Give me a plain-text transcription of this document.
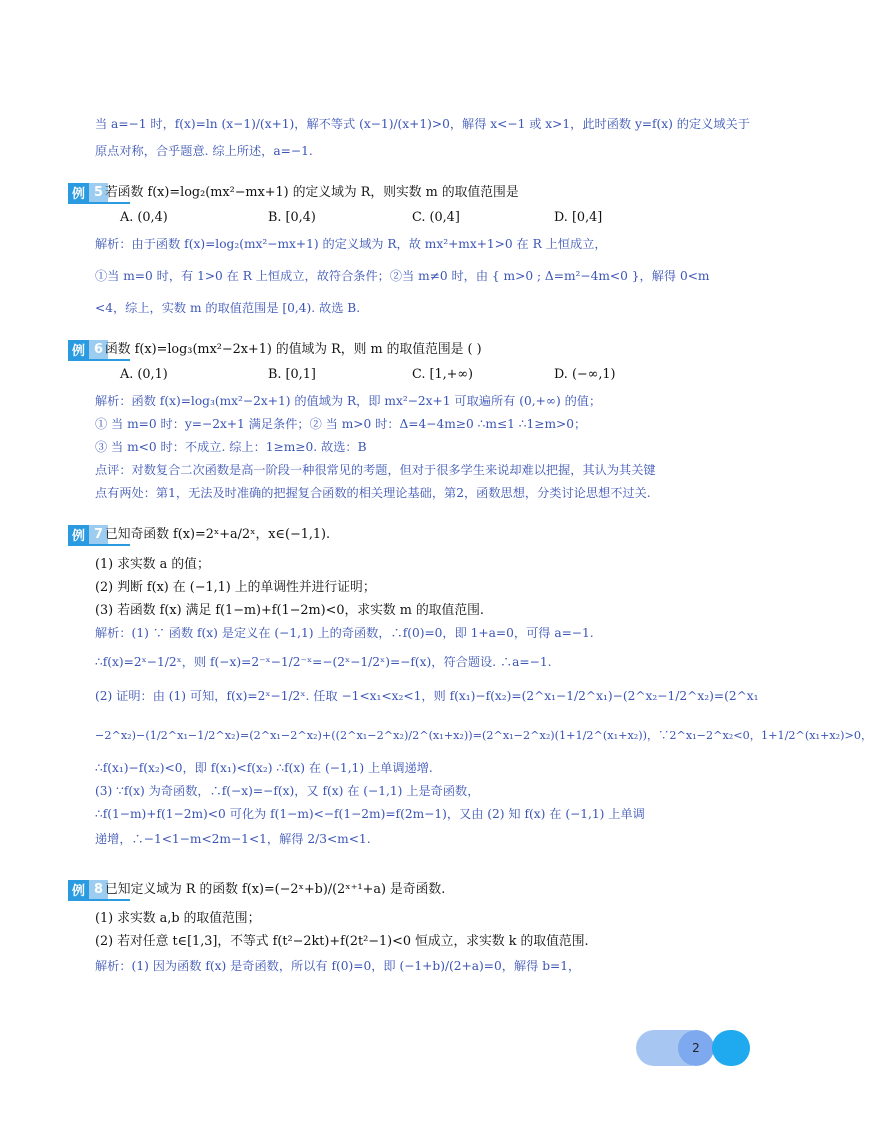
当 a=−1 时，f(x)=ln (x−1)/(x+1)，解不等式 (x−1)/(x+1)>0，解得 x<−1 或 x>1，此时函数 y=f(x) 的定义域关于
原点对称，合乎题意. 综上所述，a=−1.
例 5 若函数 f(x)=log₂(mx²−mx+1) 的定义域为 R，则实数 m 的取值范围是
A. (0,4)	B. [0,4)	C. (0,4]	D. [0,4]
解析：由于函数 f(x)=log₂(mx²−mx+1) 的定义域为 R，故 mx²+mx+1>0 在 R 上恒成立，
①当 m=0 时，有 1>0 在 R 上恒成立，故符合条件；②当 m≠0 时，由 { m>0 ; Δ=m²−4m<0 }，解得 0<m
<4，综上，实数 m 的取值范围是 [0,4). 故选 B.
例 6 函数 f(x)=log₃(mx²−2x+1) 的值域为 R，则 m 的取值范围是 ( )
A. (0,1)	B. [0,1]	C. [1,+∞)	D. (−∞,1)
解析：函数 f(x)=log₃(mx²−2x+1) 的值域为 R，即 mx²−2x+1 可取遍所有 (0,+∞) 的值；
① 当 m=0 时：y=−2x+1 满足条件；② 当 m>0 时：Δ=4−4m≥0 ∴m≤1 ∴1≥m>0；
③ 当 m<0 时：不成立. 综上：1≥m≥0. 故选：B
点评：对数复合二次函数是高一阶段一种很常见的考题，但对于很多学生来说却难以把握，其认为其关键
点有两处：第1，无法及时准确的把握复合函数的相关理论基础，第2，函数思想，分类讨论思想不过关.
例 7 已知奇函数 f(x)=2ˣ+a/2ˣ，x∈(−1,1).
(1) 求实数 a 的值；
(2) 判断 f(x) 在 (−1,1) 上的单调性并进行证明；
(3) 若函数 f(x) 满足 f(1−m)+f(1−2m)<0，求实数 m 的取值范围.
解析：(1) ∵ 函数 f(x) 是定义在 (−1,1) 上的奇函数，∴f(0)=0，即 1+a=0，可得 a=−1.
∴f(x)=2ˣ−1/2ˣ，则 f(−x)=2⁻ˣ−1/2⁻ˣ=−(2ˣ−1/2ˣ)=−f(x)，符合题设. ∴a=−1.
(2) 证明：由 (1) 可知，f(x)=2ˣ−1/2ˣ. 任取 −1<x₁<x₂<1，则 f(x₁)−f(x₂)=(2^x₁−1/2^x₁)−(2^x₂−1/2^x₂)=(2^x₁
−2^x₂)−(1/2^x₁−1/2^x₂)=(2^x₁−2^x₂)+((2^x₁−2^x₂)/2^(x₁+x₂))=(2^x₁−2^x₂)(1+1/2^(x₁+x₂))，∵2^x₁−2^x₂<0，1+1/2^(x₁+x₂)>0，
∴f(x₁)−f(x₂)<0，即 f(x₁)<f(x₂) ∴f(x) 在 (−1,1) 上单调递增.
(3) ∵f(x) 为奇函数，∴f(−x)=−f(x)，又 f(x) 在 (−1,1) 上是奇函数，
∴f(1−m)+f(1−2m)<0 可化为 f(1−m)<−f(1−2m)=f(2m−1)，又由 (2) 知 f(x) 在 (−1,1) 上单调
递增，∴−1<1−m<2m−1<1，解得 2/3<m<1.
例 8 已知定义域为 R 的函数 f(x)=(−2ˣ+b)/(2ˣ⁺¹+a) 是奇函数.
(1) 求实数 a,b 的取值范围；
(2) 若对任意 t∈[1,3]，不等式 f(t²−2kt)+f(2t²−1)<0 恒成立，求实数 k 的取值范围.
解析：(1) 因为函数 f(x) 是奇函数，所以有 f(0)=0，即 (−1+b)/(2+a)=0，解得 b=1，
2
